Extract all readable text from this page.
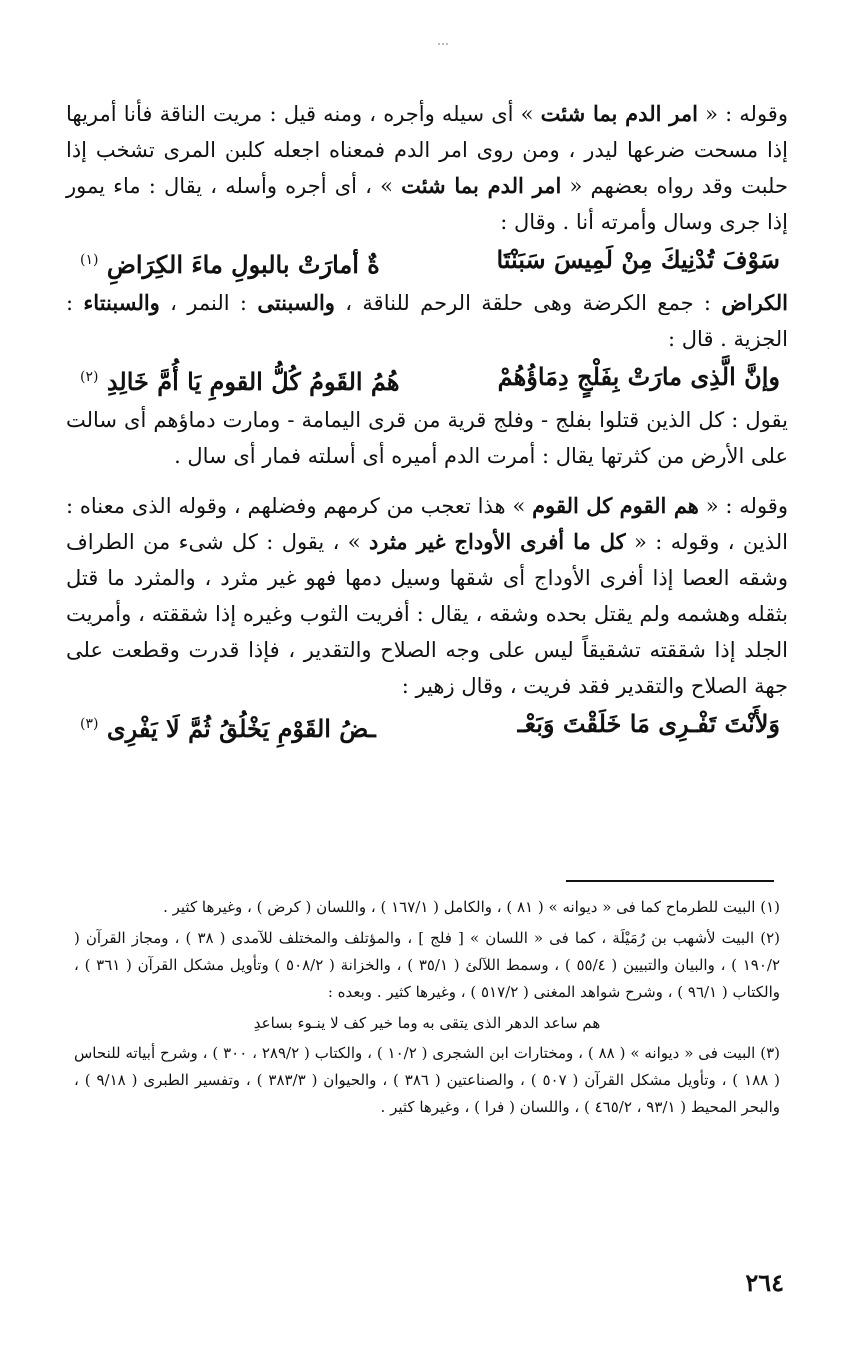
وقوله : « امر الدم بما شئت » أى سيله وأجره ، ومنه قيل : مريت الناقة فأنا أمريها إذا مسحت ضرعها ليدر ، ومن روى امر الدم فمعناه اجعله كلبن المرى تشخب إذا حلبت وقد رواه بعضهم « امر الدم بما شئت » ، أى أجره وأسله ، يقال : ماء يمور إذا جرى وسال وأمرته أنا . وقال :

سَوْفَ تُدْنِيكَ مِنْ لَمِيسَ سَبَنْتَا
ةٌ أمارَتْ بالبولِ ماءَ الكِرَاضِ $^{(١)}$

الكراض : جمع الكرضة وهى حلقة الرحم للناقة ، والسبنتى : النمر ، والسبنتاء : الجزية . قال :

وإنَّ الَّذِى مارَتْ بِفَلْجٍ دِمَاؤُهُمْ
هُمُ القَومُ كُلُّ القومِ يَا أُمَّ خَالِدِ $^{(٢)}$

يقول : كل الذين قتلوا بفلج - وفلج قرية من قرى اليمامة - ومارت دماؤهم أى سالت على الأرض من كثرتها يقال : أمرت الدم أميره أى أسلته فمار أى سال .

وقوله : « هم القوم كل القوم » هذا تعجب من كرمهم وفضلهم ، وقوله الذى معناه : الذين ، وقوله : « كل ما أفرى الأوداج غير مثرد » ، يقول : كل شىء من الطراف وشقه العصا إذا أفرى الأوداج أى شقها وسيل دمها فهو غير مثرد ، والمثرد ما قتل بثقله وهشمه ولم يقتل بحده وشقه ، يقال : أفريت الثوب وغيره إذا شققته ، وأمريت الجلد إذا شققته تشقيقاً ليس على وجه الصلاح والتقدير ، فإذا قدرت وقطعت على جهة الصلاح والتقدير فقد فريت ، وقال زهير :

وَلأَنْتَ تَفْـرِى مَا خَلَقْتَ وَبَعْـ
ـضُ القَوْمِ يَخْلُقُ ثُمَّ لَا يَفْرِى $^{(٣)}$

(١) البيت للطرماح كما فى « ديوانه » ( ٨١ ) ، والكامل ( ١٦٧/١ ) ، واللسان ( كرض ) ، وغيرها كثير .

(٢) البيت لأشهب بن رُمَيْلَة ، كما فى « اللسان » [ فلج ] ، والمؤتلف والمختلف للآمدى ( ٣٨ ) ، ومجاز القرآن ( ١٩٠/٢ ) ، والبيان والتبيين ( ٥٥/٤ ) ، وسمط اللآلئ ( ٣٥/١ ) ، والخزانة ( ٥٠٨/٢ ) وتأويل مشكل القرآن ( ٣٦١ ) ، والكتاب ( ٩٦/١ ) ، وشرح شواهد المغنى ( ٥١٧/٢ ) ، وغيرها كثير . وبعده :

هم ساعد الدهر الذى يتقى به وما خير كف لا ينـوء بساعدِ

(٣) البيت فى « ديوانه » ( ٨٨ ) ، ومختارات ابن الشجرى ( ١٠/٢ ) ، والكتاب ( ٢٨٩/٢ ، ٣٠٠ ) ، وشرح أبياته للنحاس ( ١٨٨ ) ، وتأويل مشكل القرآن ( ٥٠٧ ) ، والصناعتين ( ٣٨٦ ) ، والحيوان ( ٣٨٣/٣ ) ، وتفسير الطبرى ( ٩/١٨ ) ، والبحر المحيط ( ٩٣/١ ، ٤٦٥/٢ ) ، واللسان ( فرا ) ، وغيرها كثير .

٢٦٤
